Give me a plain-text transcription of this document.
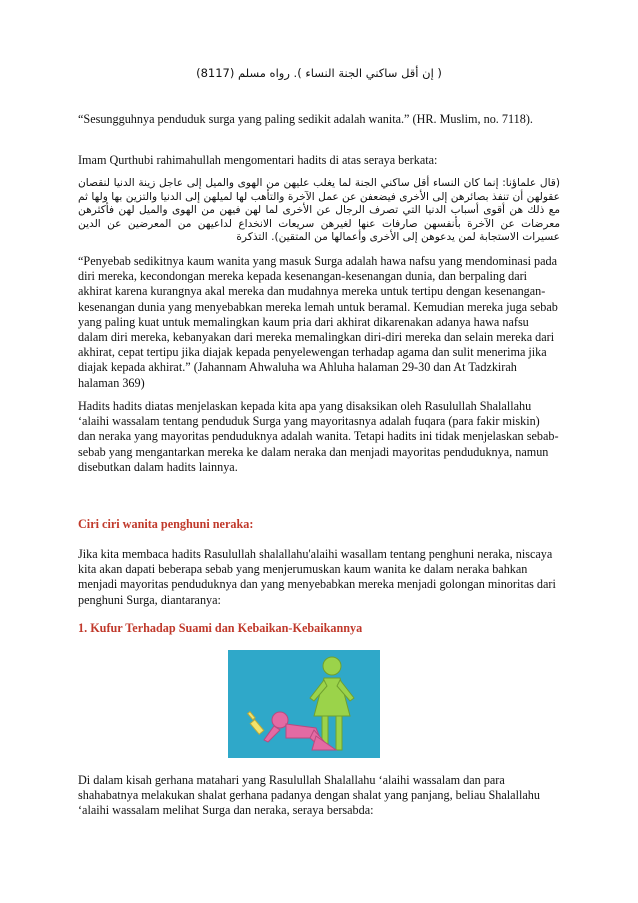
( إن أقل ساكني الجنة النساء ). رواه مسلم (8117)

“Sesungguhnya penduduk surga yang paling sedikit adalah wanita.” (HR. Muslim, no. 7118).

Imam Qurthubi rahimahullah mengomentari hadits di atas seraya berkata:

(قال علماؤنا: إنما كان النساء أقل ساكني الجنة لما يغلب عليهن من الهوى والميل إلى عاجل زينة الدنيا لنقصان عقولهن أن تنفذ بصائرهن إلى الأخرى فيضعفن عن عمل الآخرة والتأهب لها لميلهن إلى الدنيا والتزين بها ولها ثم مع ذلك هن أقوى أسباب الدنيا التي تصرف الرجال عن الأخرى لما لهن فيهن من الهوى والميل لهن فأكثرهن معرضات عن الآخرة بأنفسهن صارفات عنها لغيرهن سريعات الانخداع لداعيهن من المعرضين عن الدين عسيرات الاستجابة لمن يدعوهن إلى الأخرى وأعمالها من المتقين). التذكرة

“Penyebab sedikitnya kaum wanita yang masuk Surga adalah hawa nafsu yang mendominasi pada diri mereka, kecondongan mereka kepada kesenangan-kesenangan dunia, dan berpaling dari akhirat karena kurangnya akal mereka dan mudahnya mereka untuk tertipu dengan kesenangan-kesenangan dunia yang menyebabkan mereka lemah untuk beramal. Kemudian mereka juga sebab yang paling kuat untuk memalingkan kaum pria dari akhirat dikarenakan adanya hawa nafsu dalam diri mereka, kebanyakan dari mereka memalingkan diri-diri mereka dan selain mereka dari akhirat, cepat tertipu jika diajak kepada penyelewengan terhadap agama dan sulit menerima jika diajak kepada akhirat.” (Jahannam Ahwaluha wa Ahluha halaman 29-30 dan At Tadzkirah halaman 369)

Hadits hadits diatas menjelaskan kepada kita apa yang disaksikan oleh Rasulullah Shalallahu ‘alaihi wassalam tentang penduduk Surga yang mayoritasnya adalah fuqara (para fakir miskin) dan neraka yang mayoritas penduduknya adalah wanita. Tetapi hadits ini tidak menjelaskan sebab-sebab yang mengantarkan mereka ke dalam neraka dan menjadi mayoritas penduduknya, namun disebutkan dalam hadits lainnya.

Ciri ciri wanita penghuni neraka:

Jika kita membaca hadits Rasulullah shalallahu'alaihi wasallam tentang penghuni neraka, niscaya kita akan dapati beberapa sebab yang menjerumuskan kaum wanita ke dalam neraka bahkan menjadi mayoritas penduduknya dan yang menyebabkan mereka menjadi golongan minoritas dari penghuni Surga, diantaranya:

1. Kufur Terhadap Suami dan Kebaikan-Kebaikannya

Di dalam kisah gerhana matahari yang Rasulullah Shalallahu ‘alaihi wassalam dan para shahabatnya melakukan shalat gerhana padanya dengan shalat yang panjang, beliau Shalallahu ‘alaihi wassalam melihat Surga dan neraka, seraya bersabda:
